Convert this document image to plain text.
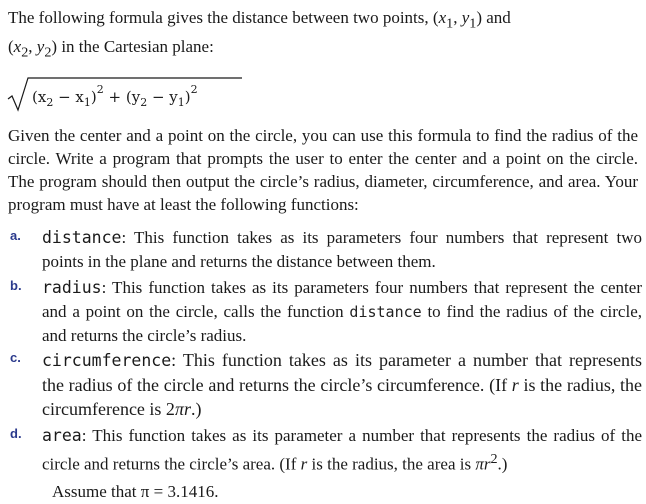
The following formula gives the distance between two points, ($x_1$, $y_1$) and
($x_2$, $y_2$) in the Cartesian plane:
$(x_2 - x_1)^2 + (y_2 - y_1)^2$
Given the center and a point on the circle, you can use this formula to find the radius of the circle. Write a program that prompts the user to enter the center and a point on the circle. The program should then output the circle’s radius, diameter, circumference, and area. Your program must have at least the following functions:
a. distance: This function takes as its parameters four numbers that represent two points in the plane and returns the distance between them.
b. radius: This function takes as its parameters four numbers that represent the center and a point on the circle, calls the function distance to find the radius of the circle, and returns the circle’s radius.
c. circumference: This function takes as its parameter a number that represents the radius of the circle and returns the circle’s circumference. (If r is the radius, the circumference is 2πr.)
d. area: This function takes as its parameter a number that represents the radius of the circle and returns the circle’s area. (If r is the radius, the area is $\pi r^2$.)
Assume that π = 3.1416.
